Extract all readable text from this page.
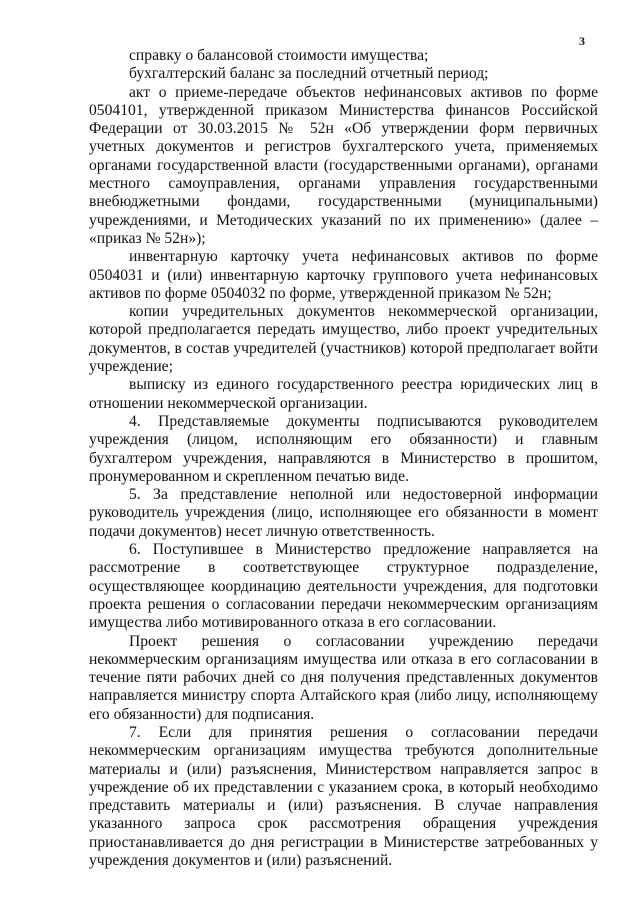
3

справку о балансовой стоимости имущества;

бухгалтерский баланс за последний отчетный период;

акт о приеме-передаче объектов нефинансовых активов по форме 0504101, утвержденной приказом Министерства финансов Российской Федерации от 30.03.2015 № 52н «Об утверждении форм первичных учетных документов и регистров бухгалтерского учета, применяемых органами государственной власти (государственными органами), органами местного самоуправления, органами управления государственными внебюджетными фондами, государственными (муниципальными) учреждениями, и Методических указаний по их применению» (далее – «приказ № 52н»);

инвентарную карточку учета нефинансовых активов по форме 0504031 и (или) инвентарную карточку группового учета нефинансовых активов по форме 0504032 по форме, утвержденной приказом № 52н;

копии учредительных документов некоммерческой организации, которой предполагается передать имущество, либо проект учредительных документов, в состав учредителей (участников) которой предполагает войти учреждение;

выписку из единого государственного реестра юридических лиц в отношении некоммерческой организации.

4. Представляемые документы подписываются руководителем учреждения (лицом, исполняющим его обязанности) и главным бухгалтером учреждения, направляются в Министерство в прошитом, пронумерованном и скрепленном печатью виде.

5. За представление неполной или недостоверной информации руководитель учреждения (лицо, исполняющее его обязанности в момент подачи документов) несет личную ответственность.

6. Поступившее в Министерство предложение направляется на рассмотрение в соответствующее структурное подразделение, осуществляющее координацию деятельности учреждения, для подготовки проекта решения о согласовании передачи некоммерческим организациям имущества либо мотивированного отказа в его согласовании.

Проект решения о согласовании учреждению передачи некоммерческим организациям имущества или отказа в его согласовании в течение пяти рабочих дней со дня получения представленных документов направляется министру спорта Алтайского края (либо лицу, исполняющему его обязанности) для подписания.

7. Если для принятия решения о согласовании передачи некоммерческим организациям имущества требуются дополнительные материалы и (или) разъяснения, Министерством направляется запрос в учреждение об их представлении с указанием срока, в который необходимо представить материалы и (или) разъяснения. В случае направления указанного запроса срок рассмотрения обращения учреждения приостанавливается до дня регистрации в Министерстве затребованных у учреждения документов и (или) разъяснений.
